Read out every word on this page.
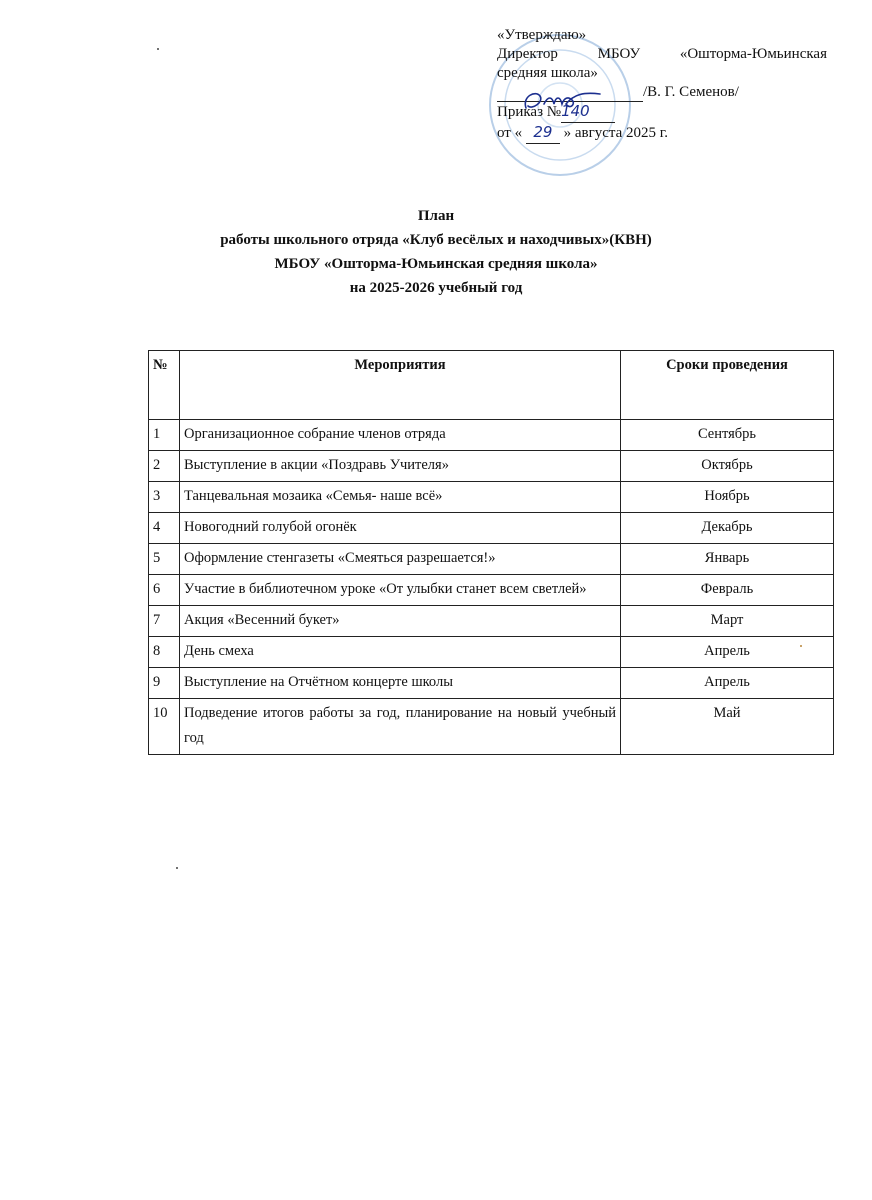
«Утверждаю»
Директор	МБОУ	«Ошторма-Юмьинская
средняя школа»
/В. Г. Семенов/
Приказ №140
от « 29 » августа 2025 г.
План
работы школьного отряда «Клуб весёлых и находчивых»(КВН)
МБОУ «Ошторма-Юмьинская средняя школа»
на 2025-2026 учебный год
№	Мероприятия	Сроки проведения
1	Организационное собрание членов отряда	Сентябрь
2	Выступление в акции «Поздравь Учителя»	Октябрь
3	Танцевальная мозаика «Семья- наше всё»	Ноябрь
4	Новогодний голубой огонёк	Декабрь
5	Оформление стенгазеты «Смеяться разрешается!»	Январь
6	Участие в библиотечном уроке «От улыбки станет всем светлей»	Февраль
7	Акция «Весенний букет»	Март
8	День смеха	Апрель
9	Выступление на Отчётном концерте школы	Апрель
10	Подведение итогов работы за год, планирование на новый учебный год	Май
